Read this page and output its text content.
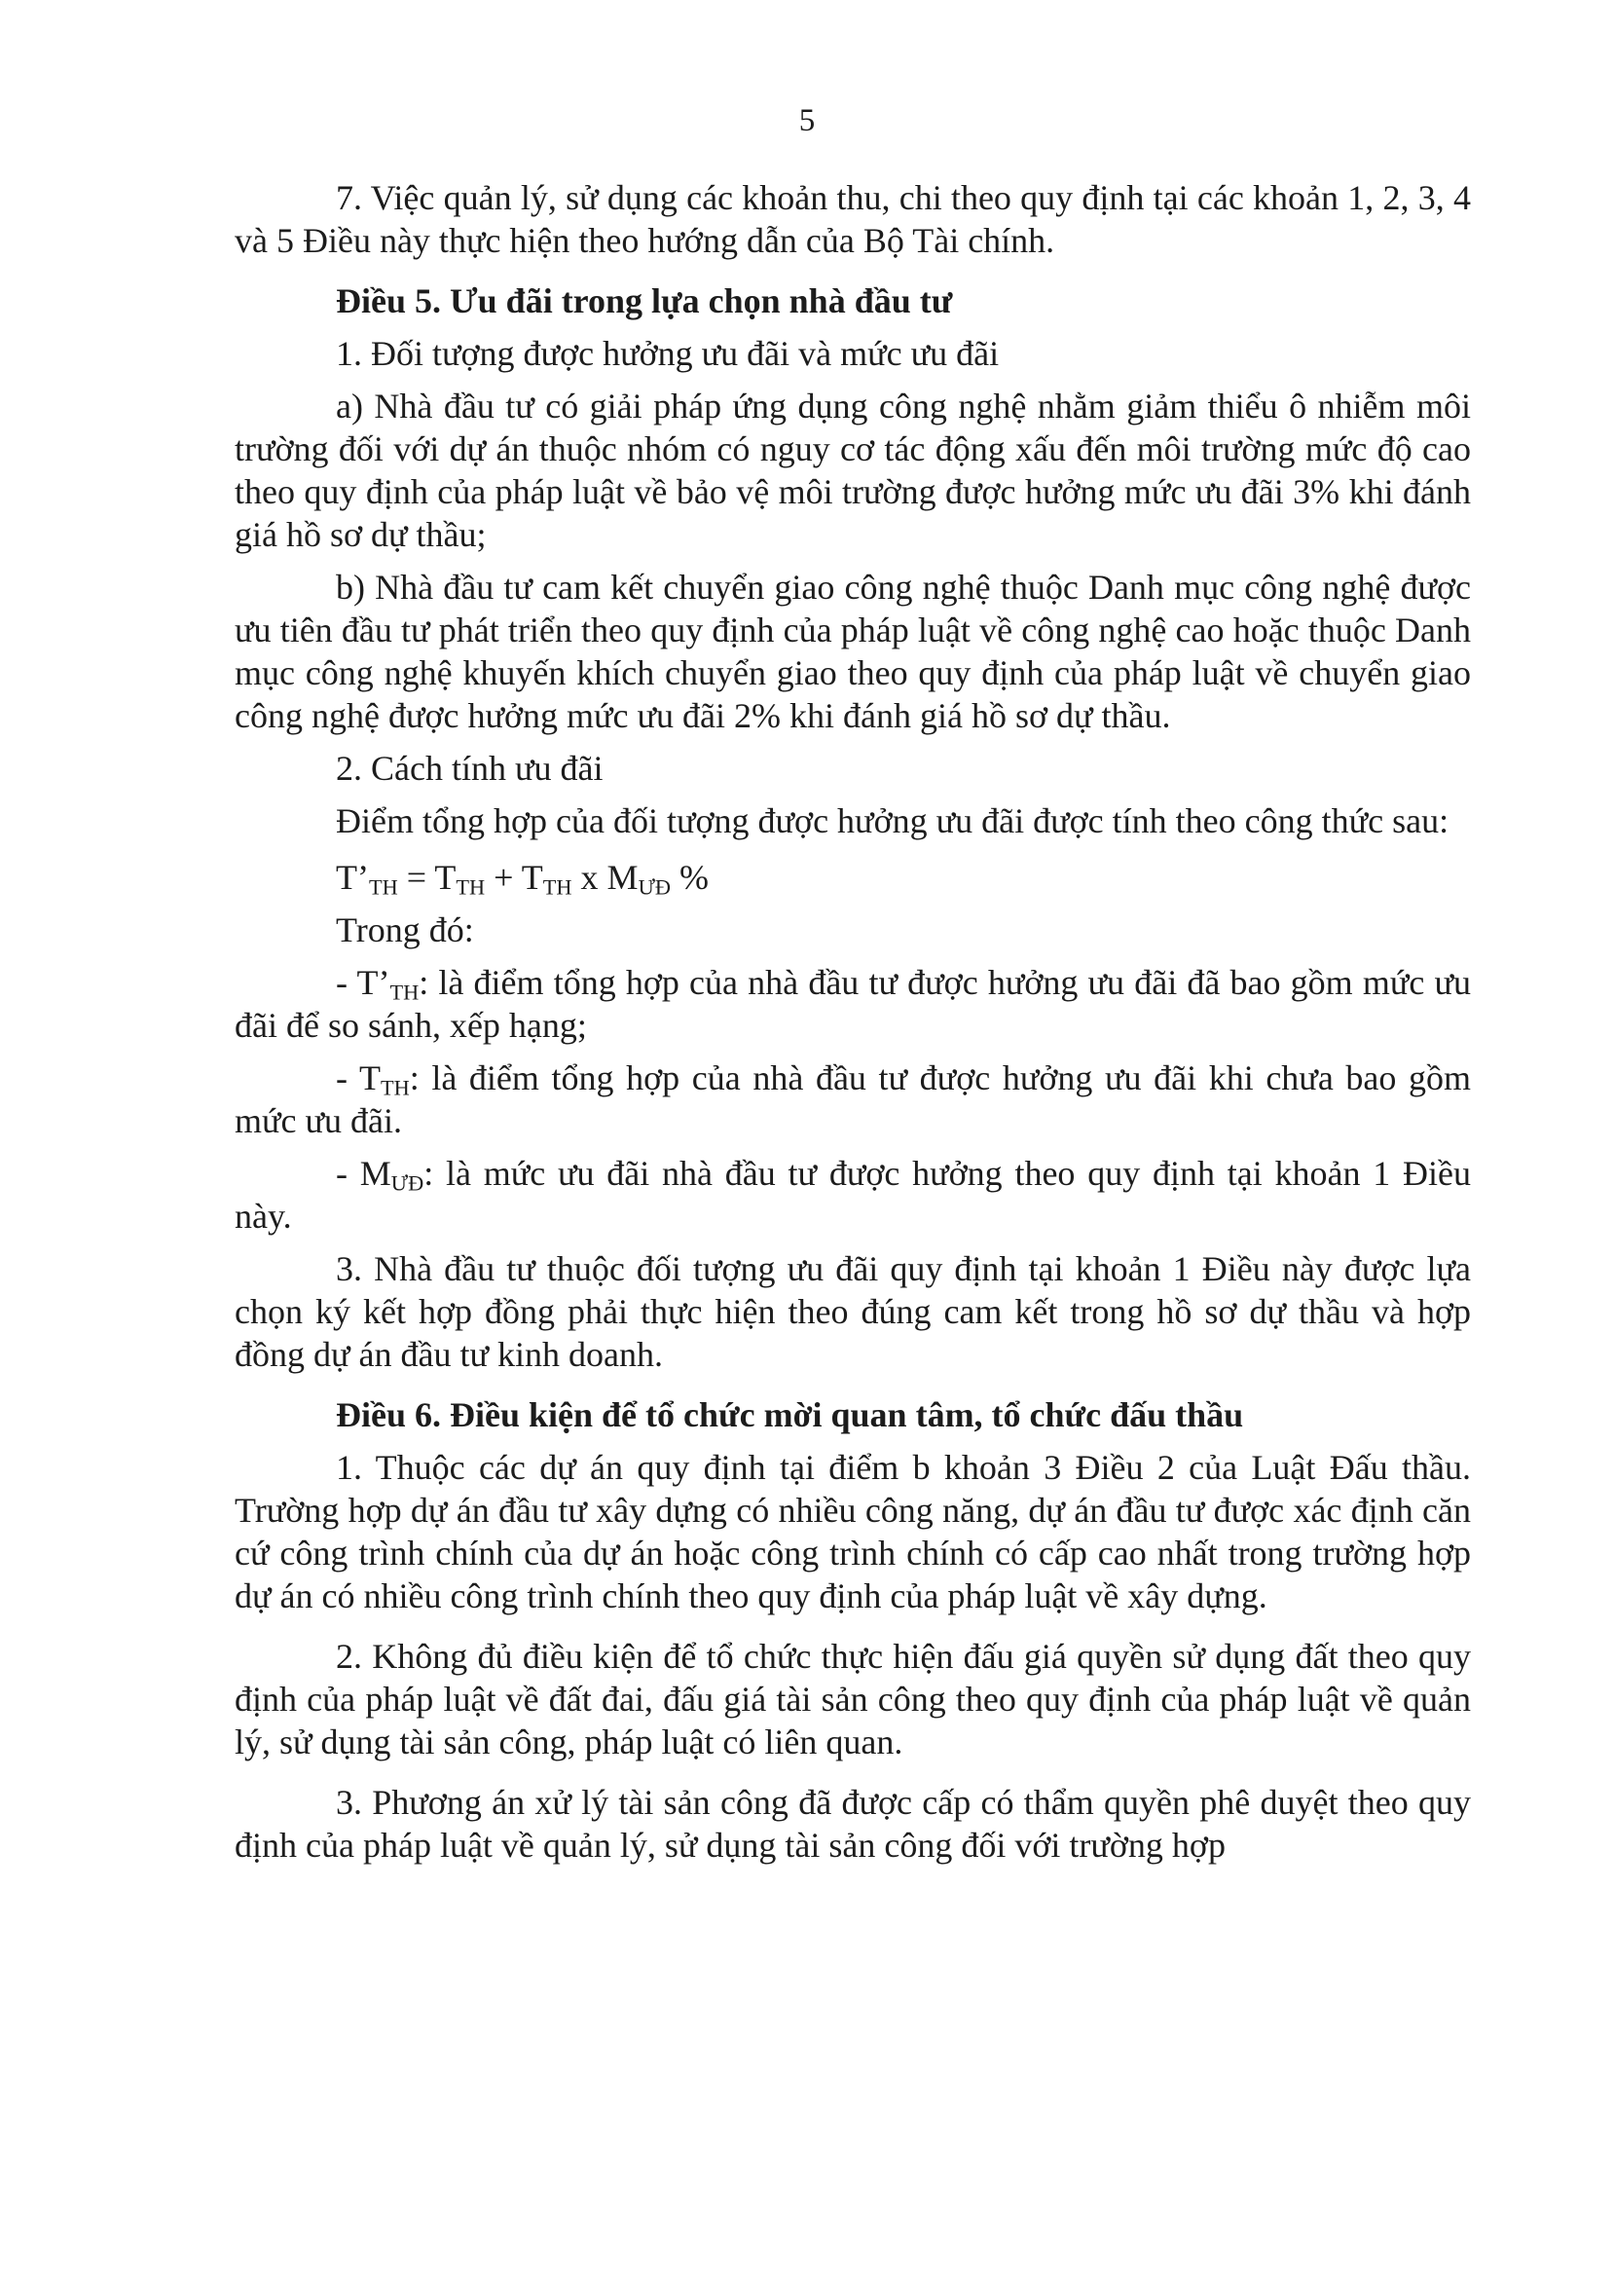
5

7. Việc quản lý, sử dụng các khoản thu, chi theo quy định tại các khoản 1, 2, 3, 4 và 5 Điều này thực hiện theo hướng dẫn của Bộ Tài chính.

Điều 5. Ưu đãi trong lựa chọn nhà đầu tư

1. Đối tượng được hưởng ưu đãi và mức ưu đãi

a) Nhà đầu tư có giải pháp ứng dụng công nghệ nhằm giảm thiểu ô nhiễm môi trường đối với dự án thuộc nhóm có nguy cơ tác động xấu đến môi trường mức độ cao theo quy định của pháp luật về bảo vệ môi trường được hưởng mức ưu đãi 3% khi đánh giá hồ sơ dự thầu;

b) Nhà đầu tư cam kết chuyển giao công nghệ thuộc Danh mục công nghệ được ưu tiên đầu tư phát triển theo quy định của pháp luật về công nghệ cao hoặc thuộc Danh mục công nghệ khuyến khích chuyển giao theo quy định của pháp luật về chuyển giao công nghệ được hưởng mức ưu đãi 2% khi đánh giá hồ sơ dự thầu.

2. Cách tính ưu đãi

Điểm tổng hợp của đối tượng được hưởng ưu đãi được tính theo công thức sau:

$T’_{TH} = T_{TH} + T_{TH}$ x $M_{ƯĐ}$ %

Trong đó:

- $T’_{TH}$: là điểm tổng hợp của nhà đầu tư được hưởng ưu đãi đã bao gồm mức ưu đãi để so sánh, xếp hạng;

- $T_{TH}$: là điểm tổng hợp của nhà đầu tư được hưởng ưu đãi khi chưa bao gồm mức ưu đãi.

- $M_{ƯĐ}$: là mức ưu đãi nhà đầu tư được hưởng theo quy định tại khoản 1 Điều này.

3. Nhà đầu tư thuộc đối tượng ưu đãi quy định tại khoản 1 Điều này được lựa chọn ký kết hợp đồng phải thực hiện theo đúng cam kết trong hồ sơ dự thầu và hợp đồng dự án đầu tư kinh doanh.

Điều 6. Điều kiện để tổ chức mời quan tâm, tổ chức đấu thầu

1. Thuộc các dự án quy định tại điểm b khoản 3 Điều 2 của Luật Đấu thầu. Trường hợp dự án đầu tư xây dựng có nhiều công năng, dự án đầu tư được xác định căn cứ công trình chính của dự án hoặc công trình chính có cấp cao nhất trong trường hợp dự án có nhiều công trình chính theo quy định của pháp luật về xây dựng.

2. Không đủ điều kiện để tổ chức thực hiện đấu giá quyền sử dụng đất theo quy định của pháp luật về đất đai, đấu giá tài sản công theo quy định của pháp luật về quản lý, sử dụng tài sản công, pháp luật có liên quan.

3. Phương án xử lý tài sản công đã được cấp có thẩm quyền phê duyệt theo quy định của pháp luật về quản lý, sử dụng tài sản công đối với trường hợp
